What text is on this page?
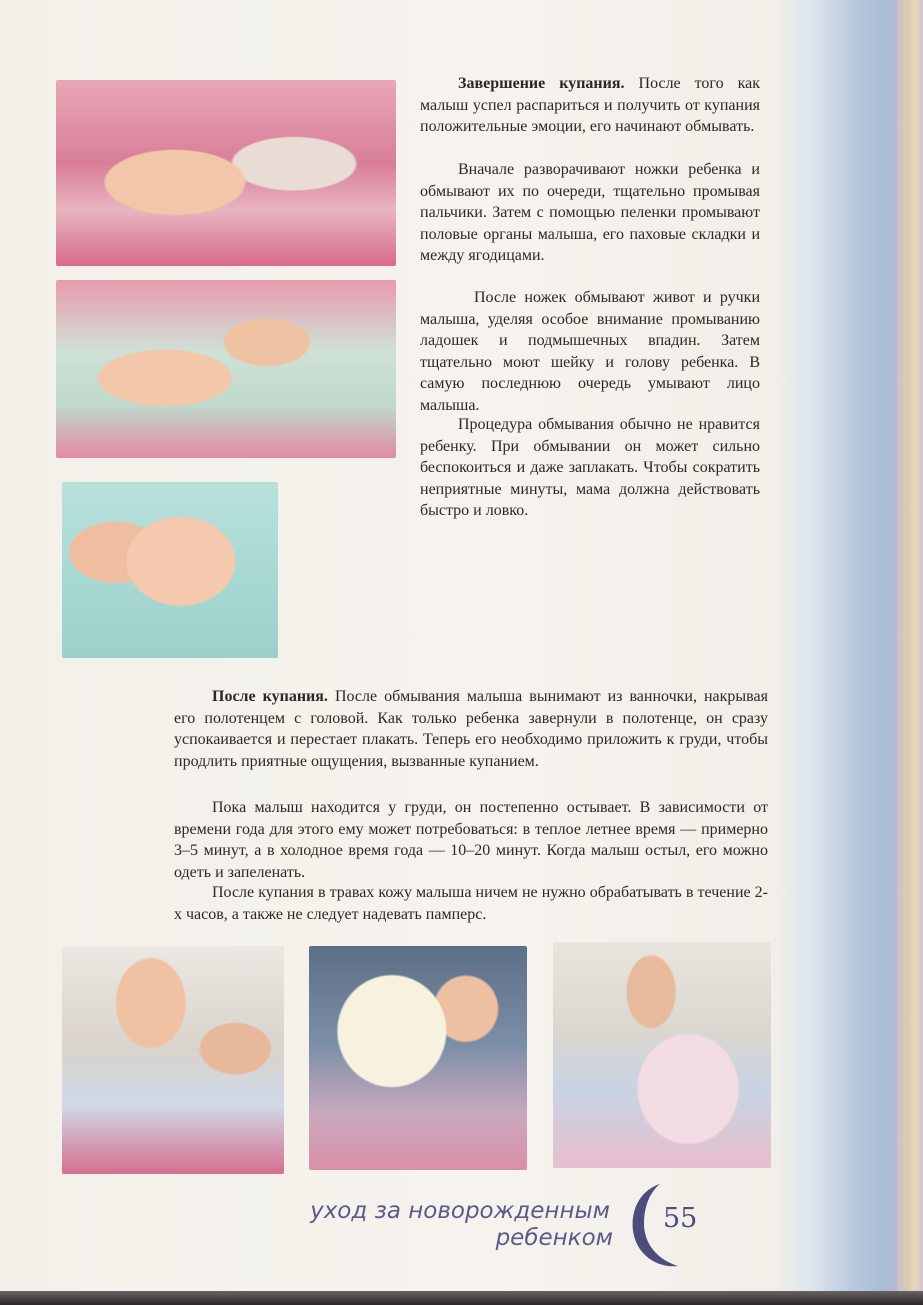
Завершение купания. После того как малыш успел распариться и получить от купания положительные эмоции, его начинают обмывать.

Вначале разворачивают ножки ребенка и обмывают их по очереди, тщательно промывая пальчики. Затем с помощью пеленки промывают половые органы малыша, его паховые складки и между ягодицами.

После ножек обмывают живот и ручки малыша, уделяя особое внимание промыванию ладошек и подмышечных впадин. Затем тщательно моют шейку и голову ребенка. В самую последнюю очередь умывают лицо малыша.

Процедура обмывания обычно не нравится ребенку. При обмывании он может сильно беспокоиться и даже заплакать. Чтобы сократить неприятные минуты, мама должна действовать быстро и ловко.

После купания. После обмывания малыша вынимают из ванночки, накрывая его полотенцем с головой. Как только ребенка завернули в полотенце, он сразу успокаивается и перестает плакать. Теперь его необходимо приложить к груди, чтобы продлить приятные ощущения, вызванные купанием.

Пока малыш находится у груди, он постепенно остывает. В зависимости от времени года для этого ему может потребоваться: в теплое летнее время — примерно 3–5 минут, а в холодное время года — 10–20 минут. Когда малыш остыл, его можно одеть и запеленать.

После купания в травах кожу малыша ничем не нужно обрабатывать в течение 2-х часов, а также не следует надевать памперс.

уход за новорожденным
ребенком
55
